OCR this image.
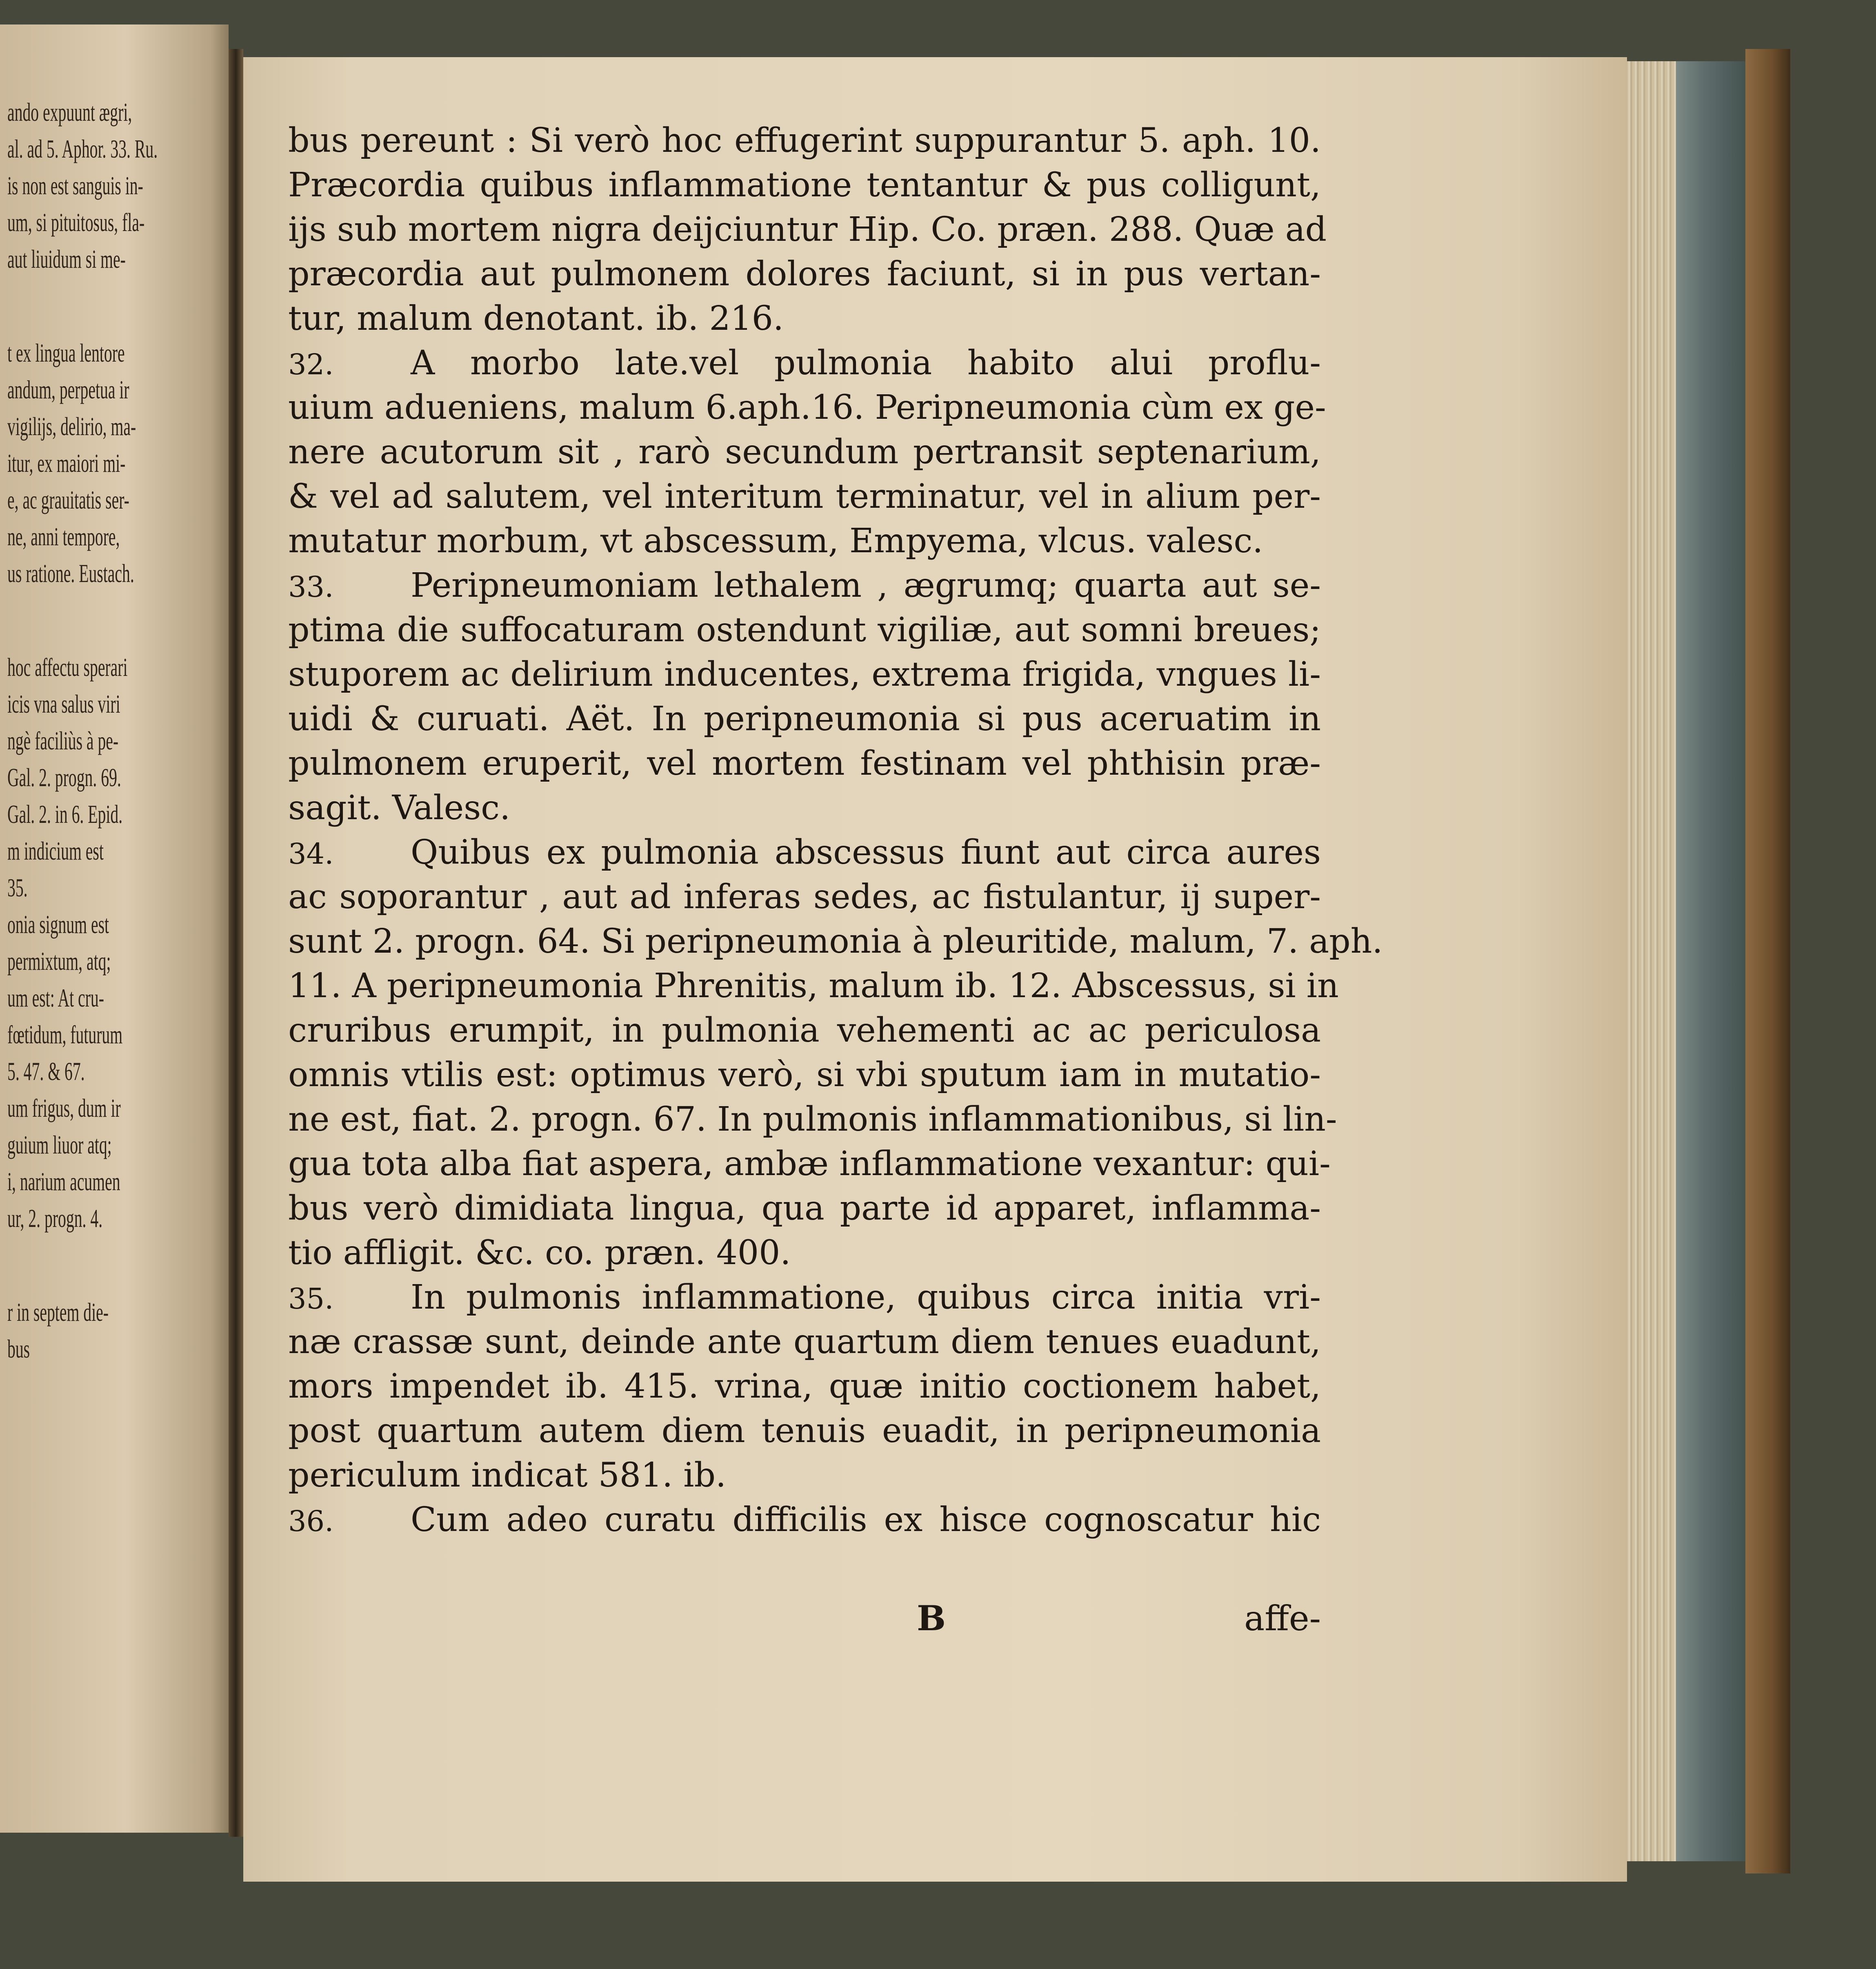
ando expuunt ægri,
al. ad 5. Aphor. 33. Ru.
is non est sanguis in-
um, si pituitosus, fla-
aut liuidum si me-
t ex lingua lentore
andum, perpetua ir
vigilijs, delirio, ma-
itur, ex maiori mi-
e, ac grauitatis ser-
ne, anni tempore,
us ratione. Eustach.
hoc affectu sperari
icis vna salus viri
ngè faciliùs à pe-
Gal. 2. progn. 69.
Gal. 2. in 6. Epid.
m indicium est
35.
onia signum est
permixtum, atq;
um est: At cru-
fœtidum, futurum
5. 47. & 67.
um frigus, dum ir
guium liuor atq;
i, narium acumen
ur, 2. progn. 4.
r in septem die-
bus
bus pereunt : Si verò hoc effugerint suppurantur 5. aph. 10.
Præcordia quibus inflammatione tentantur & pus colligunt,
ijs sub mortem nigra deijciuntur Hip. Co. præn. 288. Quæ ad
præcordia aut pulmonem dolores faciunt, si in pus vertan-
tur, malum denotant. ib. 216.
32. A morbo late.vel pulmonia habito alui proflu-
uium adueniens, malum 6.aph.16. Peripneumonia cùm ex ge-
nere acutorum sit , rarò secundum pertransit septenarium,
& vel ad salutem, vel interitum terminatur, vel in alium per-
mutatur morbum, vt abscessum, Empyema, vlcus. valesc.
33. Peripneumoniam lethalem , ægrumq; quarta aut se-
ptima die suffocaturam ostendunt vigiliæ, aut somni breues;
stuporem ac delirium inducentes, extrema frigida, vngues li-
uidi & curuati. Aët. In peripneumonia si pus aceruatim in
pulmonem eruperit, vel mortem festinam vel phthisin præ-
sagit. Valesc.
34. Quibus ex pulmonia abscessus fiunt aut circa aures
ac soporantur , aut ad inferas sedes, ac fistulantur, ij super-
sunt 2. progn. 64. Si peripneumonia à pleuritide, malum, 7. aph.
11. A peripneumonia Phrenitis, malum ib. 12. Abscessus, si in
cruribus erumpit, in pulmonia vehementi ac ac periculosa
omnis vtilis est: optimus verò, si vbi sputum iam in mutatio-
ne est, fiat. 2. progn. 67. In pulmonis inflammationibus, si lin-
gua tota alba fiat aspera, ambæ inflammatione vexantur: qui-
bus verò dimidiata lingua, qua parte id apparet, inflamma-
tio affligit. &c. co. præn. 400.
35. In pulmonis inflammatione, quibus circa initia vri-
næ crassæ sunt, deinde ante quartum diem tenues euadunt,
mors impendet ib. 415. vrina, quæ initio coctionem habet,
post quartum autem diem tenuis euadit, in peripneumonia
periculum indicat 581. ib.
36. Cum adeo curatu difficilis ex hisce cognoscatur hic
B	affe-
